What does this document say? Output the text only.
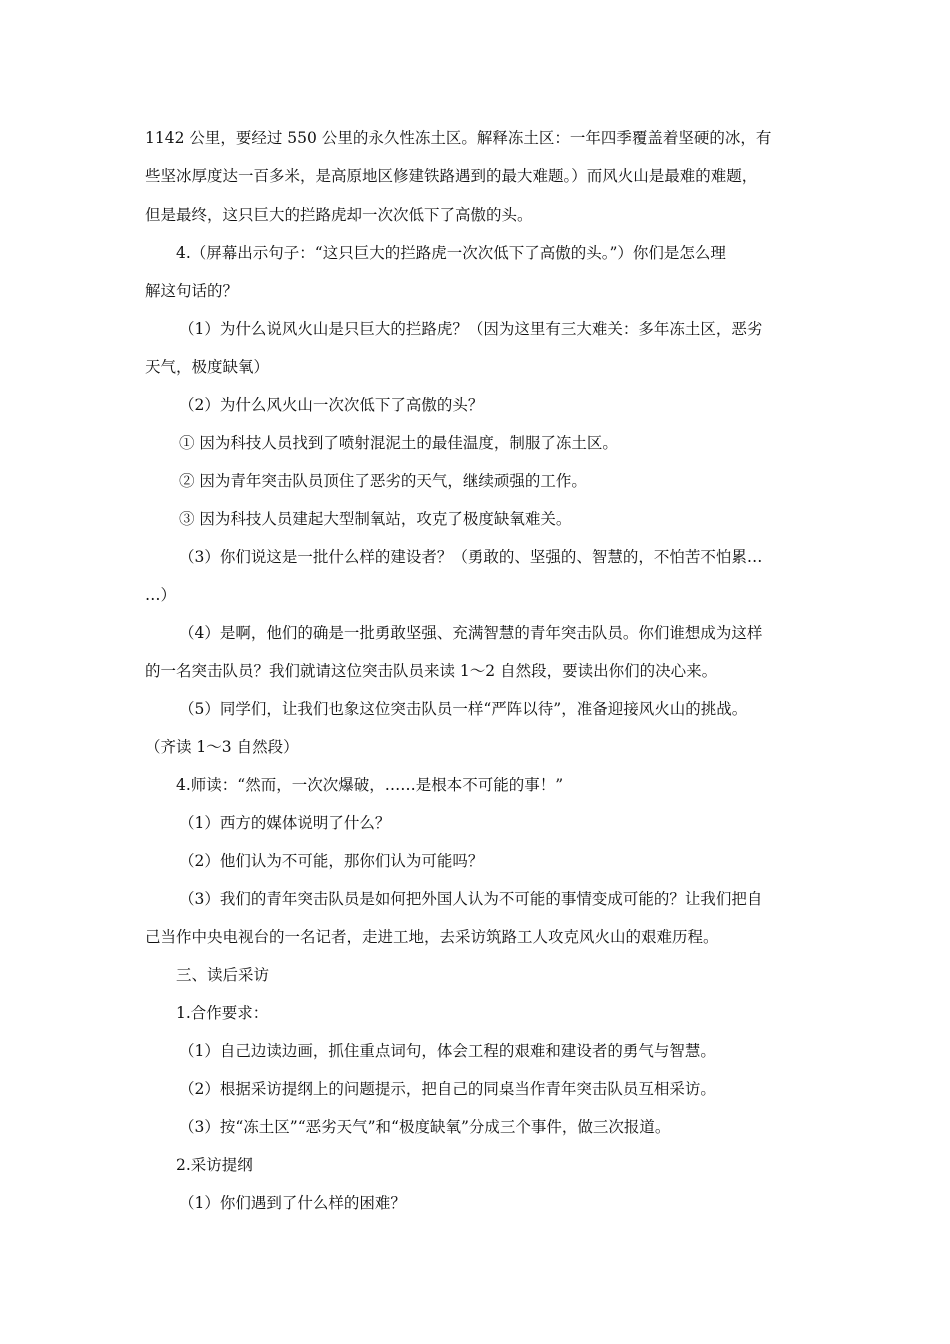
1142 公里，要经过 550 公里的永久性冻土区。解释冻土区：一年四季覆盖着坚硬的冰，有
些坚冰厚度达一百多米，是高原地区修建铁路遇到的最大难题。）而风火山是最难的难题，
但是最终，这只巨大的拦路虎却一次次低下了高傲的头。
4.（屏幕出示句子：“这只巨大的拦路虎一次次低下了高傲的头。”）你们是怎么理
解这句话的？
（1）为什么说风火山是只巨大的拦路虎？（因为这里有三大难关：多年冻土区，恶劣
天气，极度缺氧）
（2）为什么风火山一次次低下了高傲的头？
① 因为科技人员找到了喷射混泥土的最佳温度，制服了冻土区。
② 因为青年突击队员顶住了恶劣的天气，继续顽强的工作。
③ 因为科技人员建起大型制氧站，攻克了极度缺氧难关。
（3）你们说这是一批什么样的建设者？（勇敢的、坚强的、智慧的，不怕苦不怕累…
…）
（4）是啊，他们的确是一批勇敢坚强、充满智慧的青年突击队员。你们谁想成为这样
的一名突击队员？我们就请这位突击队员来读 1～2 自然段，要读出你们的决心来。
（5）同学们，让我们也象这位突击队员一样“严阵以待”，准备迎接风火山的挑战。
（齐读 1～3 自然段）
4.师读：“然而，一次次爆破，……是根本不可能的事！”
（1）西方的媒体说明了什么？
（2）他们认为不可能，那你们认为可能吗？
（3）我们的青年突击队员是如何把外国人认为不可能的事情变成可能的？让我们把自
己当作中央电视台的一名记者，走进工地，去采访筑路工人攻克风火山的艰难历程。
三、读后采访
1.合作要求：
（1）自己边读边画，抓住重点词句，体会工程的艰难和建设者的勇气与智慧。
（2）根据采访提纲上的问题提示，把自己的同桌当作青年突击队员互相采访。
（3）按“冻土区”“恶劣天气”和“极度缺氧”分成三个事件，做三次报道。
2.采访提纲
（1）你们遇到了什么样的困难？
